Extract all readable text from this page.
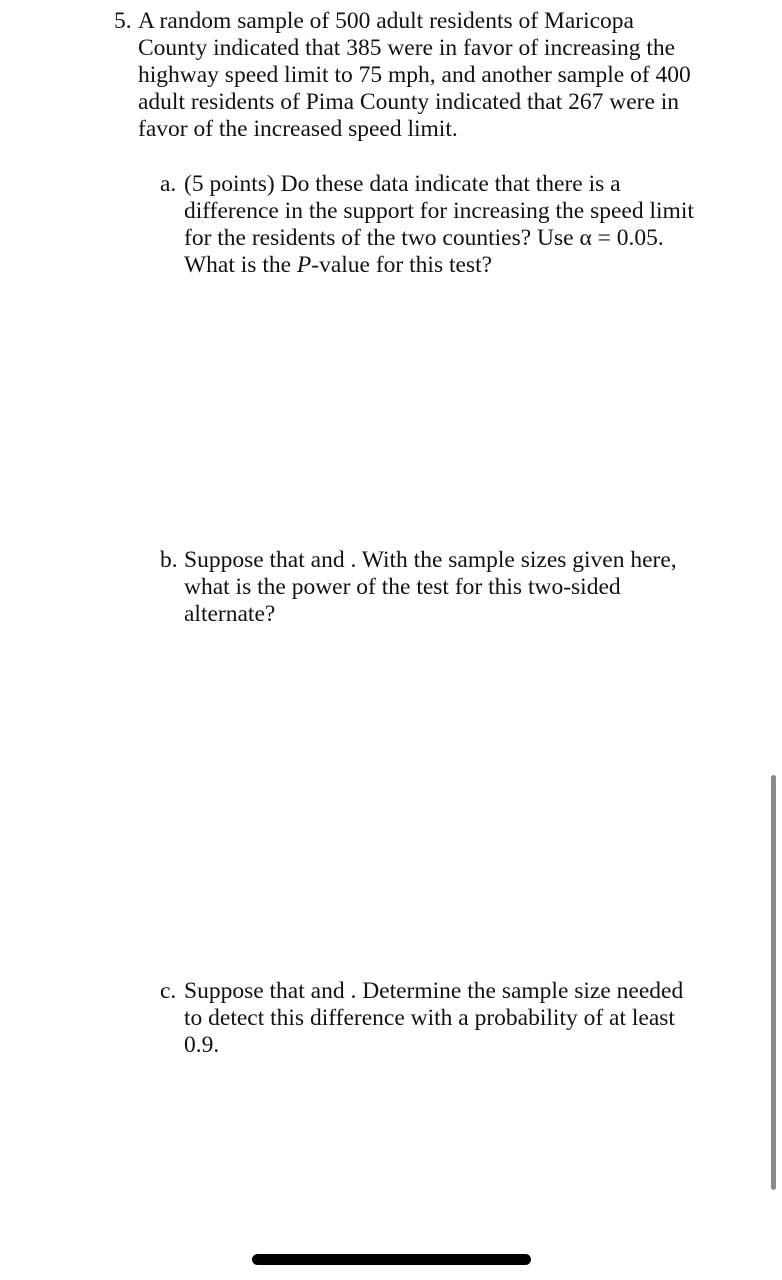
5. A random sample of 500 adult residents of Maricopa
County indicated that 385 were in favor of increasing the
highway speed limit to 75 mph, and another sample of 400
adult residents of Pima County indicated that 267 were in
favor of the increased speed limit.
a. (5 points) Do these data indicate that there is a
difference in the support for increasing the speed limit
for the residents of the two counties? Use α = 0.05.
What is the P-value for this test?
b. Suppose that and . With the sample sizes given here,
what is the power of the test for this two-sided
alternate?
c. Suppose that and . Determine the sample size needed
to detect this difference with a probability of at least
0.9.
